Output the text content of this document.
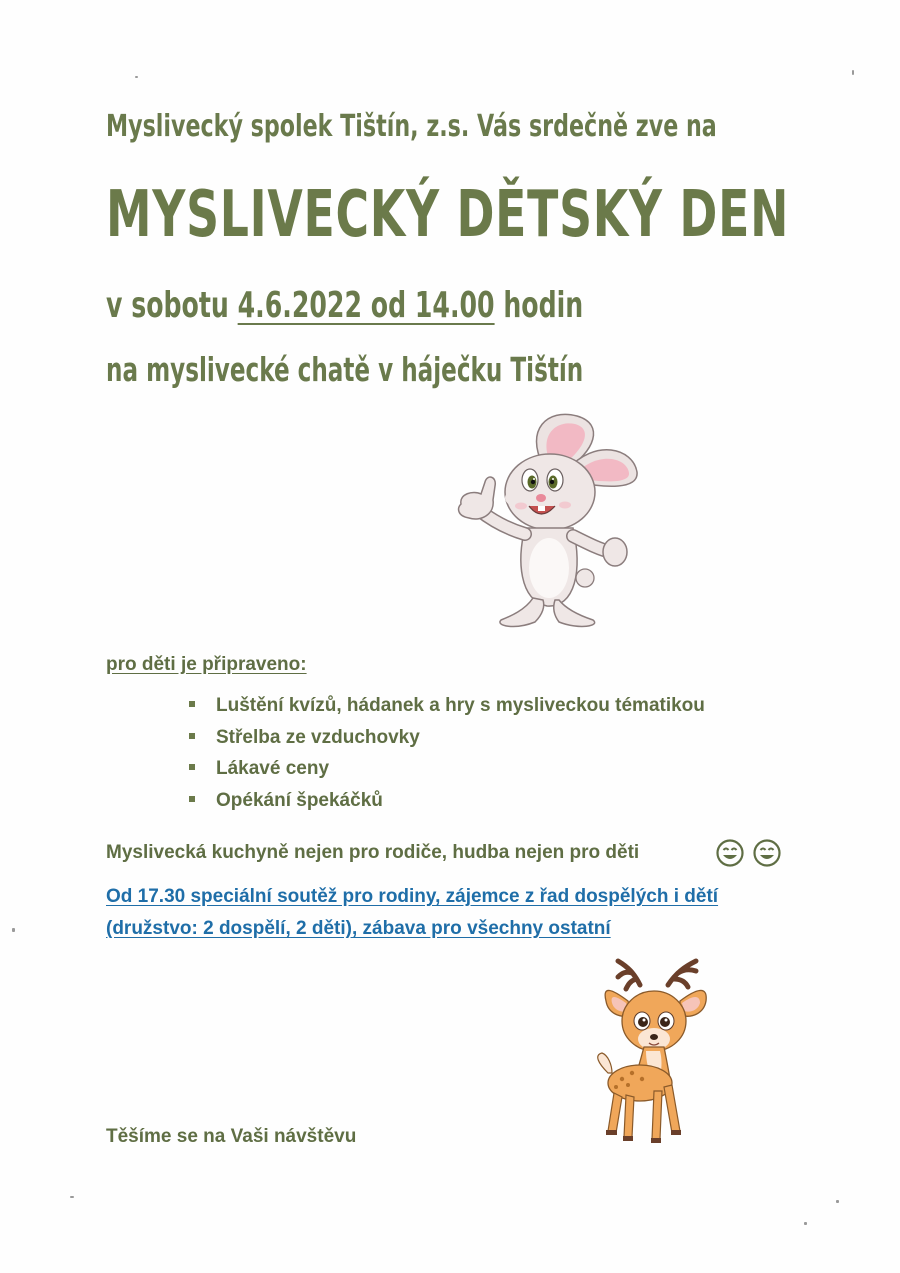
Myslivecký spolek Tištín, z.s. Vás srdečně zve na
MYSLIVECKÝ DĚTSKÝ DEN
v sobotu 4.6.2022 od 14.00 hodin
na myslivecké chatě v háječku Tištín
pro děti je připraveno:
Luštění kvízů, hádanek a hry s mysliveckou tématikou
Střelba ze vzduchovky
Lákavé ceny
Opékání špekáčků
Myslivecká kuchyně nejen pro rodiče, hudba nejen pro děti
Od 17.30 speciální soutěž pro rodiny, zájemce z řad dospělých i dětí
(družstvo: 2 dospělí, 2 děti), zábava pro všechny ostatní
Těšíme se na Vaši návštěvu
